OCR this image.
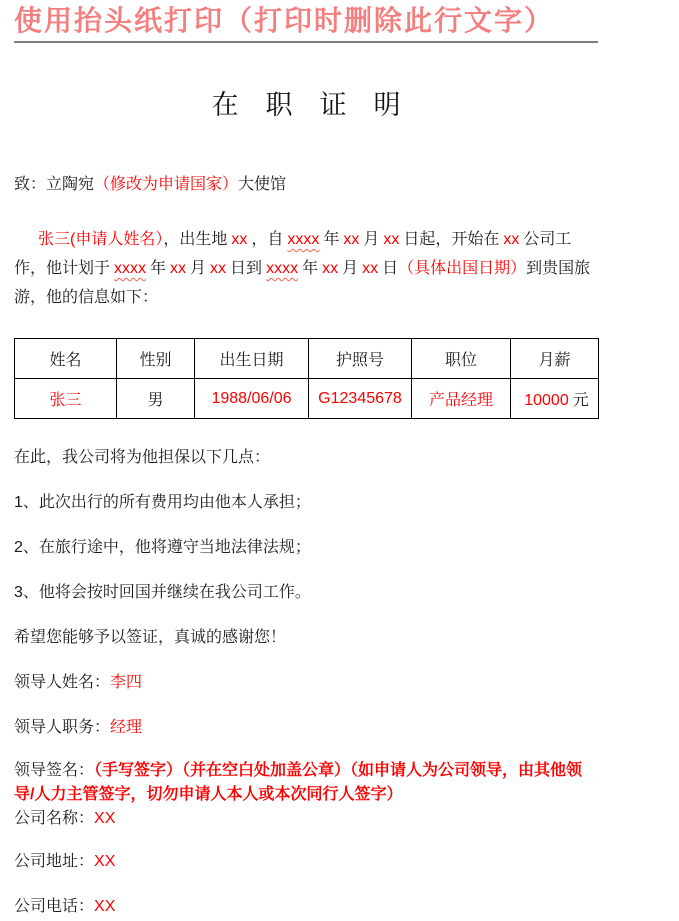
使用抬头纸打印（打印时删除此行文字）
在　职　证　明

致：立陶宛（修改为申请国家）大使馆

张三(申请人姓名），出生地 xx ，自 xxxx 年 xx 月 xx 日起，开始在 xx 公司工作，他计划于 xxxx 年 xx 月 xx 日到 xxxx 年 xx 月 xx 日（具体出国日期）到贵国旅游，他的信息如下：

姓名	性别	出生日期	护照号	职位	月薪
张三	男	1988/06/06	G12345678	产品经理	10000 元

在此，我公司将为他担保以下几点：

1、此次出行的所有费用均由他本人承担；

2、在旅行途中，他将遵守当地法律法规；

3、他将会按时回国并继续在我公司工作。

希望您能够予以签证，真诚的感谢您！

领导人姓名：李四

领导人职务：经理

领导签名：（手写签字）（并在空白处加盖公章）（如申请人为公司领导，由其他领导/人力主管签字，切勿申请人本人或本次同行人签字）

公司名称：XX

公司地址：XX

公司电话：XX
